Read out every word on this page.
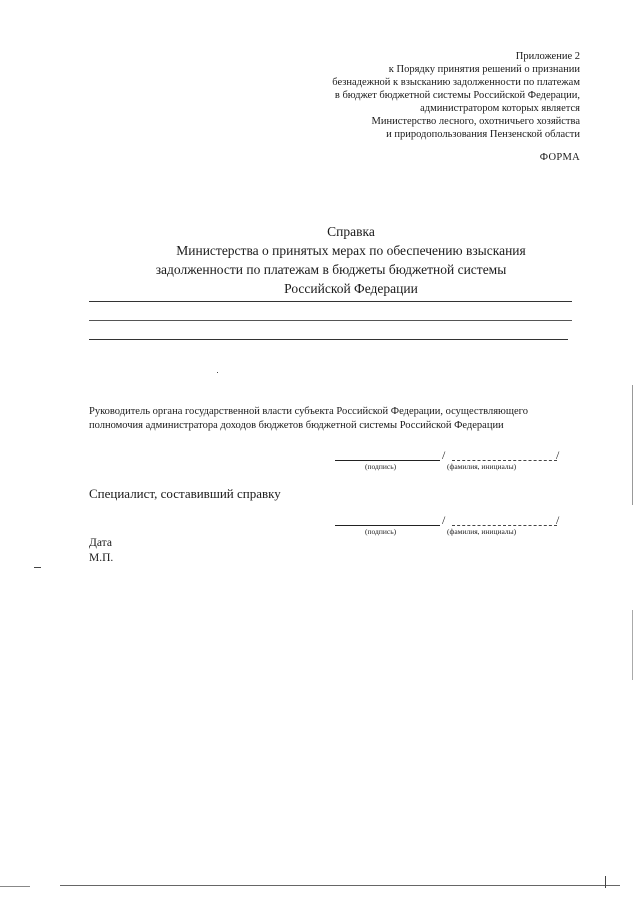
Приложение 2
к Порядку принятия решений о признании
безнадежной к взысканию задолженности по платежам
в бюджет бюджетной системы Российской Федерации,
администратором которых является
Министерство лесного, охотничьего хозяйства
и природопользования Пензенской области
ФОРМА
Справка
Министерства о принятых мерах по обеспечению взыскания
задолженности по платежам в бюджеты бюджетной системы
Российской Федерации
Руководитель органа государственной власти субъекта Российской Федерации, осуществляющего
полномочия администратора доходов бюджетов бюджетной системы Российской Федерации
/	/
(подпись)	(фамилия, инициалы)
Специалист, составивший справку
/	/
(подпись)	(фамилия, инициалы)
Дата
М.П.
